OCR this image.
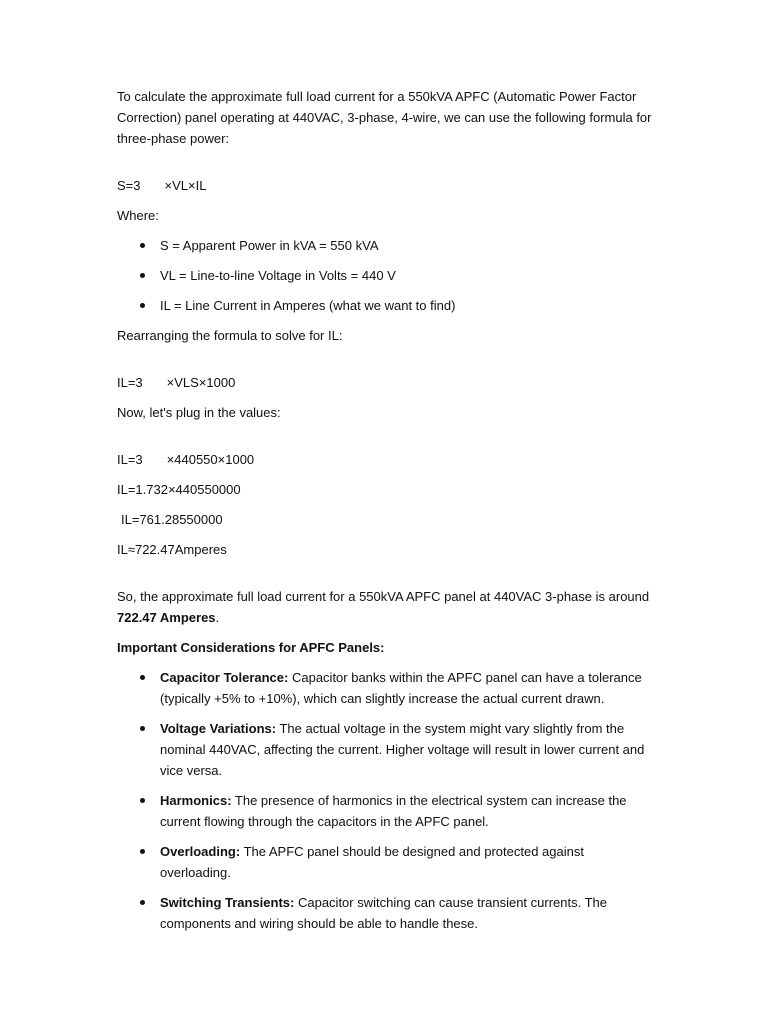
To calculate the approximate full load current for a 550kVA APFC (Automatic Power Factor Correction) panel operating at 440VAC, 3-phase, 4-wire, we can use the following formula for three-phase power:

S=3 ×VL×IL

Where:

S = Apparent Power in kVA = 550 kVA
VL = Line-to-line Voltage in Volts = 440 V
IL = Line Current in Amperes (what we want to find)

Rearranging the formula to solve for IL:

IL=3 ×VLS×1000

Now, let's plug in the values:

IL=3 ×440550×1000

IL=1.732×440550000

IL=761.28550000

IL≈722.47Amperes

So, the approximate full load current for a 550kVA APFC panel at 440VAC 3-phase is around 722.47 Amperes.

Important Considerations for APFC Panels:

Capacitor Tolerance: Capacitor banks within the APFC panel can have a tolerance (typically +5% to +10%), which can slightly increase the actual current drawn.
Voltage Variations: The actual voltage in the system might vary slightly from the nominal 440VAC, affecting the current. Higher voltage will result in lower current and vice versa.
Harmonics: The presence of harmonics in the electrical system can increase the current flowing through the capacitors in the APFC panel.
Overloading: The APFC panel should be designed and protected against overloading.
Switching Transients: Capacitor switching can cause transient currents. The components and wiring should be able to handle these.
